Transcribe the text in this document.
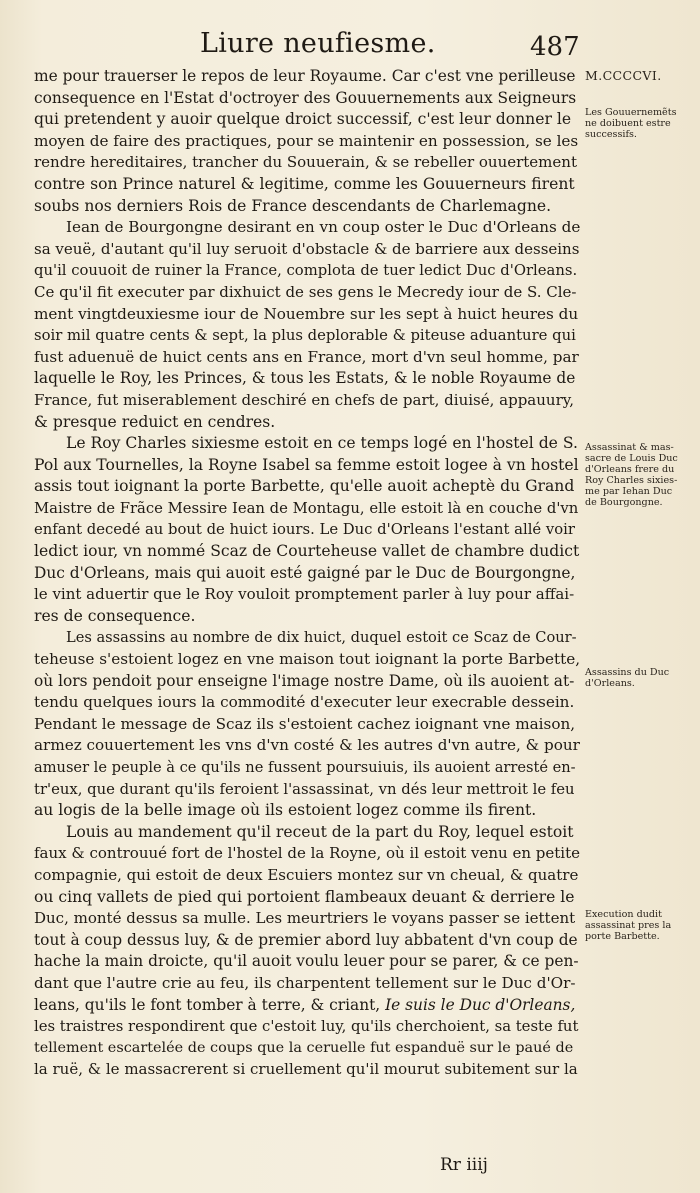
Liure neufiesme.	487
me pour trauerser le repos de leur Royaume. Car c'est vne perilleuse
consequence en l'Estat d'octroyer des Gouuernements aux Seigneurs
qui pretendent y auoir quelque droict successif, c'est leur donner le
moyen de faire des practiques, pour se maintenir en possession, se les
rendre hereditaires, trancher du Souuerain, & se rebeller ouuertement
contre son Prince naturel & legitime, comme les Gouuerneurs firent
soubs nos derniers Rois de France descendants de Charlemagne.
Iean de Bourgongne desirant en vn coup oster le Duc d'Orleans de
sa veuë, d'autant qu'il luy seruoit d'obstacle & de barriere aux desseins
qu'il couuoit de ruiner la France, complota de tuer ledict Duc d'Orleans.
Ce qu'il fit executer par dixhuict de ses gens le Mecredy iour de S. Cle-
ment vingtdeuxiesme iour de Nouembre sur les sept à huict heures du
soir mil quatre cents & sept, la plus deplorable & piteuse aduanture qui
fust aduenuë de huict cents ans en France, mort d'vn seul homme, par
laquelle le Roy, les Princes, & tous les Estats, & le noble Royaume de
France, fut miserablement deschiré en chefs de part, diuisé, appauury,
& presque reduict en cendres.
Le Roy Charles sixiesme estoit en ce temps logé en l'hostel de S.
Pol aux Tournelles, la Royne Isabel sa femme estoit logee à vn hostel
assis tout ioignant la porte Barbette, qu'elle auoit acheptè du Grand
Maistre de Frãce Messire Iean de Montagu, elle estoit là en couche d'vn
enfant decedé au bout de huict iours. Le Duc d'Orleans l'estant allé voir
ledict iour, vn nommé Scaz de Courteheuse vallet de chambre dudict
Duc d'Orleans, mais qui auoit esté gaigné par le Duc de Bourgongne,
le vint aduertir que le Roy vouloit promptement parler à luy pour affai-
res de consequence.
Les assassins au nombre de dix huict, duquel estoit ce Scaz de Cour-
teheuse s'estoient logez en vne maison tout ioignant la porte Barbette,
où lors pendoit pour enseigne l'image nostre Dame, où ils auoient at-
tendu quelques iours la commodité d'executer leur execrable dessein.
Pendant le message de Scaz ils s'estoient cachez ioignant vne maison,
armez couuertement les vns d'vn costé & les autres d'vn autre, & pour
amuser le peuple à ce qu'ils ne fussent poursuiuis, ils auoient arresté en-
tr'eux, que durant qu'ils feroient l'assassinat, vn dés leur mettroit le feu
au logis de la belle image où ils estoient logez comme ils firent.
Louis au mandement qu'il receut de la part du Roy, lequel estoit
faux & controuué fort de l'hostel de la Royne, où il estoit venu en petite
compagnie, qui estoit de deux Escuiers montez sur vn cheual, & quatre
ou cinq vallets de pied qui portoient flambeaux deuant & derriere le
Duc, monté dessus sa mulle. Les meurtriers le voyans passer se iettent
tout à coup dessus luy, & de premier abord luy abbatent d'vn coup de
hache la main droicte, qu'il auoit voulu leuer pour se parer, & ce pen-
dant que l'autre crie au feu, ils charpentent tellement sur le Duc d'Or-
leans, qu'ils le font tomber à terre, & criant, Ie suis le Duc d'Orleans,
les traistres respondirent que c'estoit luy, qu'ils cherchoient, sa teste fut
tellement escartelée de coups que la ceruelle fut espanduë sur le paué de
la ruë, & le massacrerent si cruellement qu'il mourut subitement sur la
M.CCCCVI.
Les Gouuernemẽts
ne doibuent estre
successifs.
Assassinat & mas-
sacre de Louis Duc
d'Orleans frere du
Roy Charles sixies-
me par Iehan Duc
de Bourgongne.
Assassins du Duc
d'Orleans.
Execution dudit
assassinat pres la
porte Barbette.
Rr iiij
